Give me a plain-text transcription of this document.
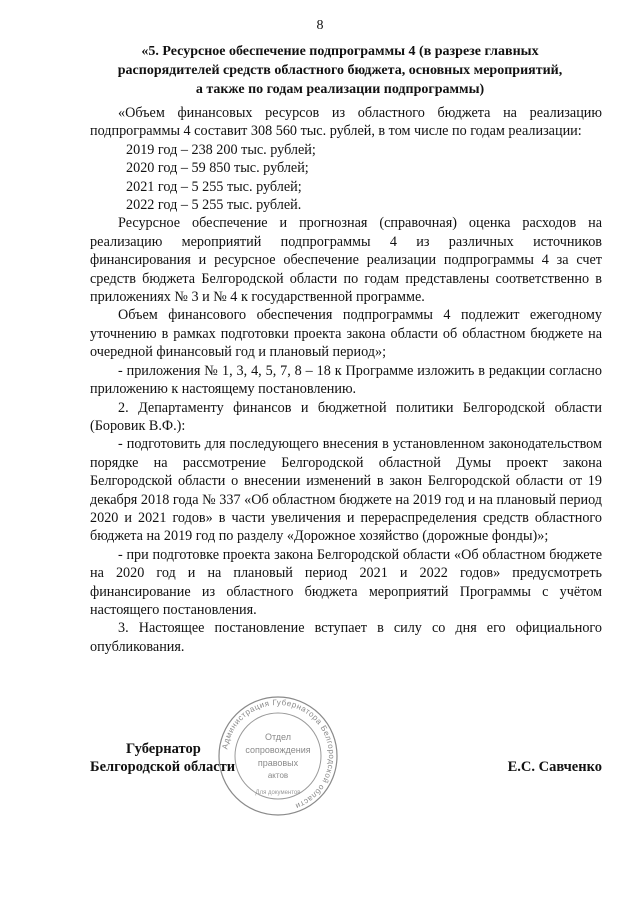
8
«5. Ресурсное обеспечение подпрограммы 4 (в разрезе главных
распорядителей средств областного бюджета, основных мероприятий,
а также по годам реализации подпрограммы)

«Объем финансовых ресурсов из областного бюджета на реализацию подпрограммы 4 составит 308 560 тыс. рублей, в том числе по годам реализации:

2019 год – 238 200 тыс. рублей;

2020 год – 59 850 тыс. рублей;

2021 год – 5 255 тыс. рублей;

2022 год – 5 255 тыс. рублей.

Ресурсное обеспечение и прогнозная (справочная) оценка расходов на реализацию мероприятий подпрограммы 4 из различных источников финансирования и ресурсное обеспечение реализации подпрограммы 4 за счет средств бюджета Белгородской области по годам представлены соответственно в приложениях № 3 и № 4 к государственной программе.

Объем финансового обеспечения подпрограммы 4 подлежит ежегодному уточнению в рамках подготовки проекта закона области об областном бюджете на очередной финансовый год и плановый период»;

- приложения № 1, 3, 4, 5, 7, 8 – 18 к Программе изложить в редакции согласно приложению к настоящему постановлению.

2. Департаменту финансов и бюджетной политики Белгородской области (Боровик В.Ф.):

- подготовить для последующего внесения в установленном законодательством порядке на рассмотрение Белгородской областной Думы проект закона Белгородской области о внесении изменений в закон Белгородской области от 19 декабря 2018 года № 337 «Об областном бюджете на 2019 год и на плановый период 2020 и 2021 годов» в части увеличения и перераспределения средств областного бюджета на 2019 год по разделу «Дорожное хозяйство (дорожные фонды)»;

- при подготовке проекта закона Белгородской области «Об областном бюджете на 2020 год и на плановый период 2021 и 2022 годов» предусмотреть финансирование из областного бюджета мероприятий Программы с учётом настоящего постановления.

3. Настоящее постановление вступает в силу со дня его официального опубликования.

Губернатор
Белгородской области	Е.С. Савченко
Администрация Губернатора Белгородской области
Отдел
сопровождения
правовых
актов
Для документов
